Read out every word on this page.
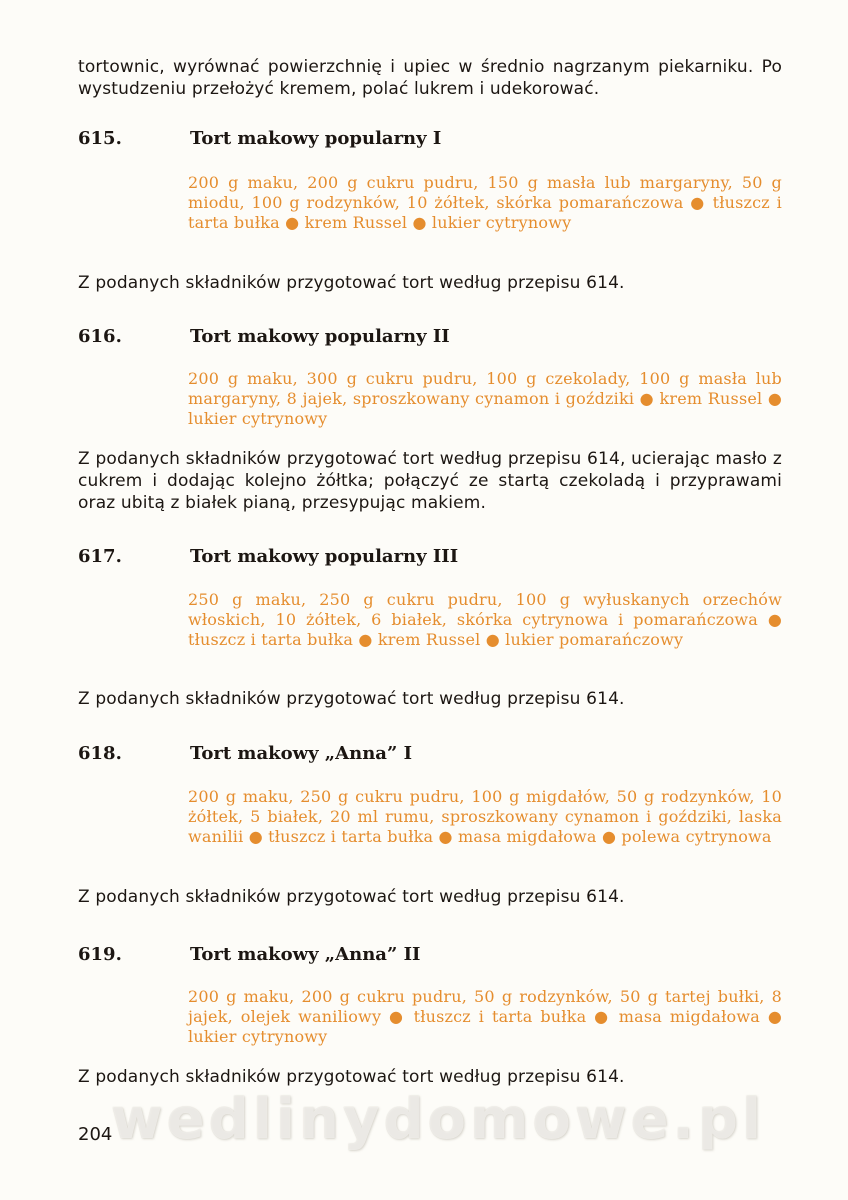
tortownic, wyrównać powierzchnię i upiec w średnio nagrzanym piekarniku. Po wystudzeniu przełożyć kremem, polać lukrem i udekorować.

615.	Tort makowy popularny I

200 g maku, 200 g cukru pudru, 150 g masła lub margaryny, 50 g miodu, 100 g rodzynków, 10 żółtek, skórka pomarańczowa ● tłuszcz i tarta bułka ● krem Russel ● lukier cytrynowy

Z podanych składników przygotować tort według przepisu 614.

616.	Tort makowy popularny II

200 g maku, 300 g cukru pudru, 100 g czekolady, 100 g masła lub margaryny, 8 jajek, sproszkowany cynamon i goździki ● krem Russel ● lukier cytrynowy

Z podanych składników przygotować tort według przepisu 614, ucierając masło z cukrem i dodając kolejno żółtka; połączyć ze startą czekoladą i przyprawami oraz ubitą z białek pianą, przesypując makiem.

617.	Tort makowy popularny III

250 g maku, 250 g cukru pudru, 100 g wyłuskanych orzechów włoskich, 10 żółtek, 6 białek, skórka cytrynowa i pomarańczowa ● tłuszcz i tarta bułka ● krem Russel ● lukier pomarańczowy

Z podanych składników przygotować tort według przepisu 614.

618.	Tort makowy „Anna” I

200 g maku, 250 g cukru pudru, 100 g migdałów, 50 g rodzynków, 10 żółtek, 5 białek, 20 ml rumu, sproszkowany cynamon i goździki, laska wanilii ● tłuszcz i tarta bułka ● masa migdałowa ● polewa cytrynowa

Z podanych składników przygotować tort według przepisu 614.

619.	Tort makowy „Anna” II

200 g maku, 200 g cukru pudru, 50 g rodzynków, 50 g tartej bułki, 8 jajek, olejek waniliowy ● tłuszcz i tarta bułka ● masa migdałowa ● lukier cytrynowy

Z podanych składników przygotować tort według przepisu 614.

wedlinydomowe.pl
204
